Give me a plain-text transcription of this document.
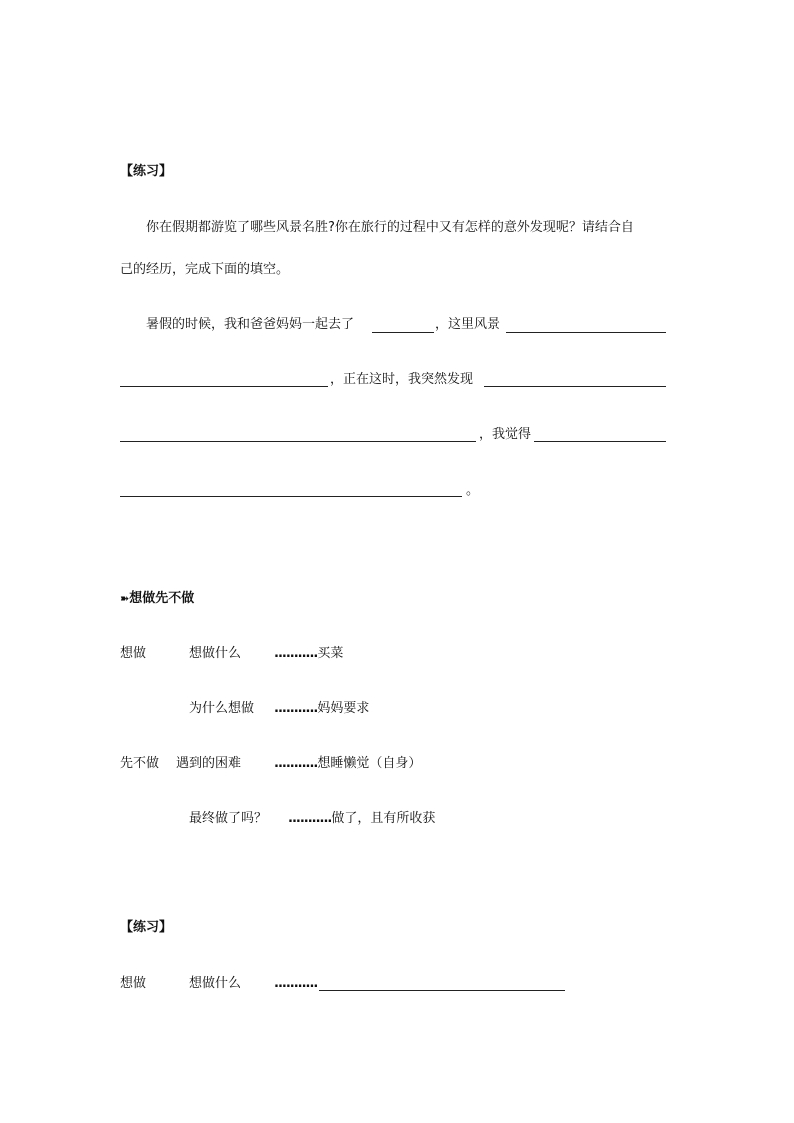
【练习】
你在假期都游览了哪些风景名胜?你在旅行的过程中又有怎样的意外发现呢？请结合自
己的经历，完成下面的填空。
暑假的时候，我和爸爸妈妈一起去了	，这里风景
，正在这时，我突然发现
，我觉得
。
➽想做先不做
想做	想做什么	...........买菜
为什么想做 ...........妈妈要求
先不做 遇到的困难	...........想睡懒觉（自身）
最终做了吗？ ...........做了，且有所收获
【练习】
想做	想做什么	...........
